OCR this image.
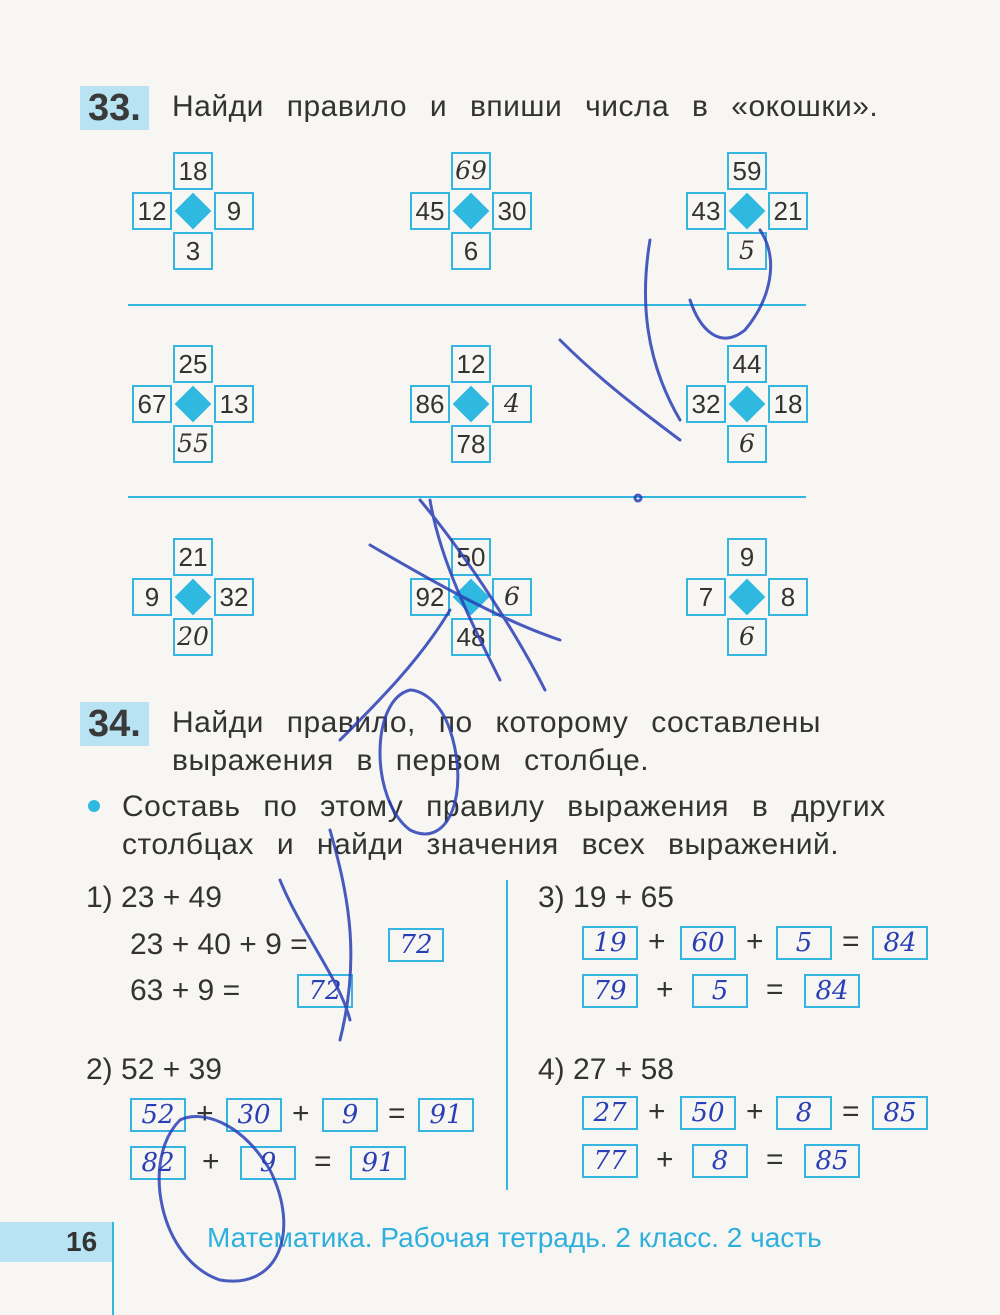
33. Найди правило и впиши числа в «окошки».
18
12	9
3
69
45 30
6
59
43 21
5
25
67 13
55
12
86	4
78
44
32 18
6
21
9	32
20
50
92	6
48
9
7	8
6
34. Найди правило, по которому составлены
выражения в первом столбце.
Составь по этому правилу выражения в других
столбцах и найди значения всех выражений.
1) 23 + 49
23 + 40 + 9 =	72
63 + 9 =	72
2) 52 + 39
52 + 30 +	9 = 91
82 +	9	=	91
3) 19 + 65
19 + 60 +	5 = 84
79 +	5	=	84
4) 27 + 58
27 + 50 +	8 = 85
77 +	8	=	85
16	Математика. Рабочая тетрадь. 2 класс. 2 часть
